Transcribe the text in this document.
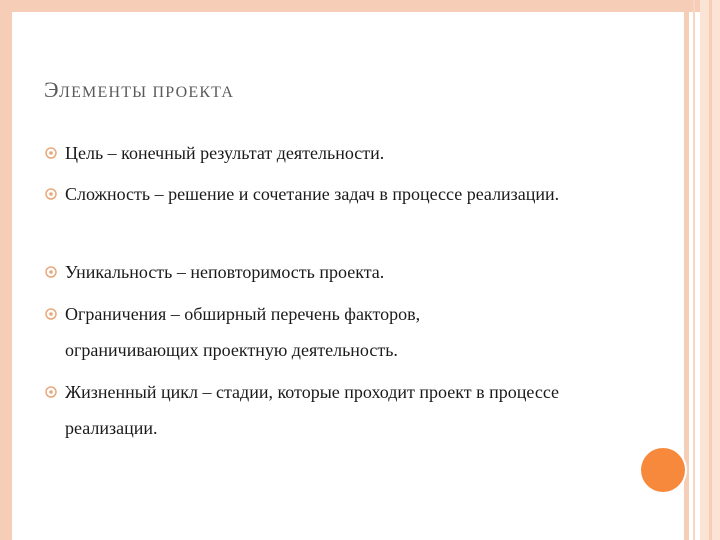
ЭЛЕМЕНТЫ ПРОЕКТА
Цель – конечный результат деятельности.
Сложность – решение и сочетание задач в процессе реализации.
Уникальность – неповторимость проекта.
Ограничения – обширный перечень факторов, ограничивающих проектную деятельность.
Жизненный цикл – стадии, которые проходит проект в процессе реализации.
